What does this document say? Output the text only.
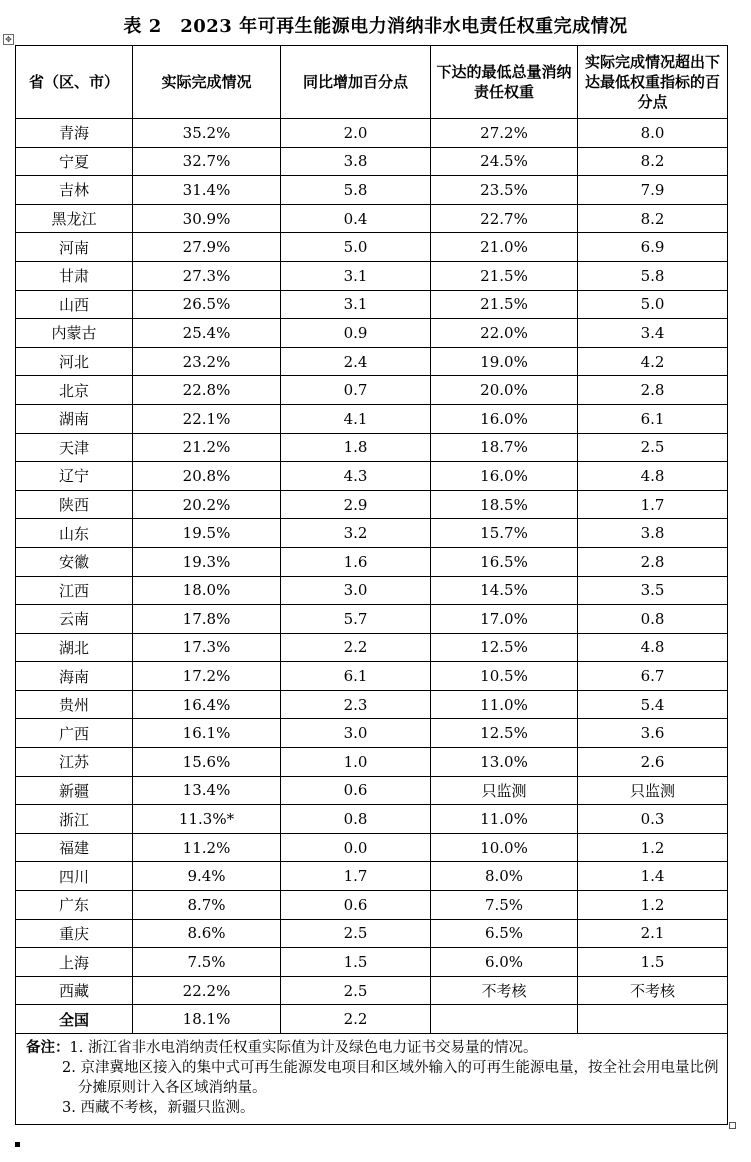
表 2　2023 年可再生能源电力消纳非水电责任权重完成情况
✥
省（区、市）	实际完成情况	同比增加百分点	下达的最低总量消纳责任权重	实际完成情况超出下达最低权重指标的百分点
青海	35.2%	2.0	27.2%	8.0
宁夏	32.7%	3.8	24.5%	8.2
吉林	31.4%	5.8	23.5%	7.9
黑龙江	30.9%	0.4	22.7%	8.2
河南	27.9%	5.0	21.0%	6.9
甘肃	27.3%	3.1	21.5%	5.8
山西	26.5%	3.1	21.5%	5.0
内蒙古	25.4%	0.9	22.0%	3.4
河北	23.2%	2.4	19.0%	4.2
北京	22.8%	0.7	20.0%	2.8
湖南	22.1%	4.1	16.0%	6.1
天津	21.2%	1.8	18.7%	2.5
辽宁	20.8%	4.3	16.0%	4.8
陕西	20.2%	2.9	18.5%	1.7
山东	19.5%	3.2	15.7%	3.8
安徽	19.3%	1.6	16.5%	2.8
江西	18.0%	3.0	14.5%	3.5
云南	17.8%	5.7	17.0%	0.8
湖北	17.3%	2.2	12.5%	4.8
海南	17.2%	6.1	10.5%	6.7
贵州	16.4%	2.3	11.0%	5.4
广西	16.1%	3.0	12.5%	3.6
江苏	15.6%	1.0	13.0%	2.6
新疆	13.4%	0.6	只监测	只监测
浙江	11.3%*	0.8	11.0%	0.3
福建	11.2%	0.0	10.0%	1.2
四川	9.4%	1.7	8.0%	1.4
广东	8.7%	0.6	7.5%	1.2
重庆	8.6%	2.5	6.5%	2.1
上海	7.5%	1.5	6.0%	1.5
西藏	22.2%	2.5	不考核	不考核
全国	18.1%	2.2		

备注：1. 浙江省非水电消纳责任权重实际值为计及绿色电力证书交易量的情况。
2. 京津冀地区接入的集中式可再生能源发电项目和区域外输入的可再生能源电量，按全社会用电量比例分摊原则计入各区域消纳量。
3. 西藏不考核，新疆只监测。				
